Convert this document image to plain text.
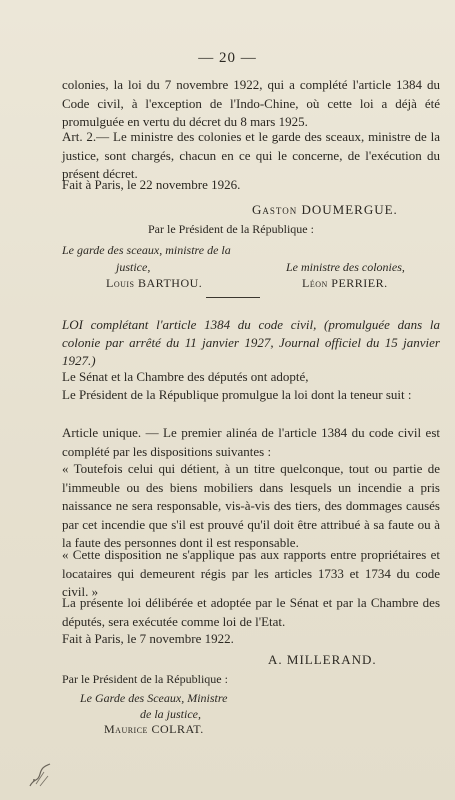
— 20 —
colonies, la loi du 7 novembre 1922, qui a complété l'article 1384 du Code civil, à l'exception de l'Indo-Chine, où cette loi a déjà été promulguée en vertu du décret du 8 mars 1925.
Art. 2.— Le ministre des colonies et le garde des sceaux, ministre de la justice, sont chargés, chacun en ce qui le concerne, de l'exécution du présent décret.
Fait à Paris, le 22 novembre 1926.
Gaston DOUMERGUE.
Par le Président de la République :
Le garde des sceaux, ministre de la
justice,	Le ministre des colonies,
Louis BARTHOU.	Léon PERRIER.
LOI complétant l'article 1384 du code civil, (promulguée dans la colonie par arrêté du 11 janvier 1927, Journal officiel du 15 janvier 1927.)
Le Sénat et la Chambre des députés ont adopté,
Le Président de la République promulgue la loi dont la teneur suit :
Article unique. — Le premier alinéa de l'article 1384 du code civil est complété par les dispositions suivantes :
« Toutefois celui qui détient, à un titre quelconque, tout ou partie de l'immeuble ou des biens mobiliers dans lesquels un incendie a pris naissance ne sera responsable, vis-à-vis des tiers, des dommages causés par cet incendie que s'il est prouvé qu'il doit être attribué à sa faute ou à la faute des personnes dont il est responsable.
« Cette disposition ne s'applique pas aux rapports entre propriétaires et locataires qui demeurent régis par les articles 1733 et 1734 du code civil. »
La présente loi délibérée et adoptée par le Sénat et par la Chambre des députés, sera exécutée comme loi de l'Etat.
Fait à Paris, le 7 novembre 1922.
A. MILLERAND.
Par le Président de la République :
Le Garde des Sceaux, Ministre
de la justice,
Maurice COLRAT.
